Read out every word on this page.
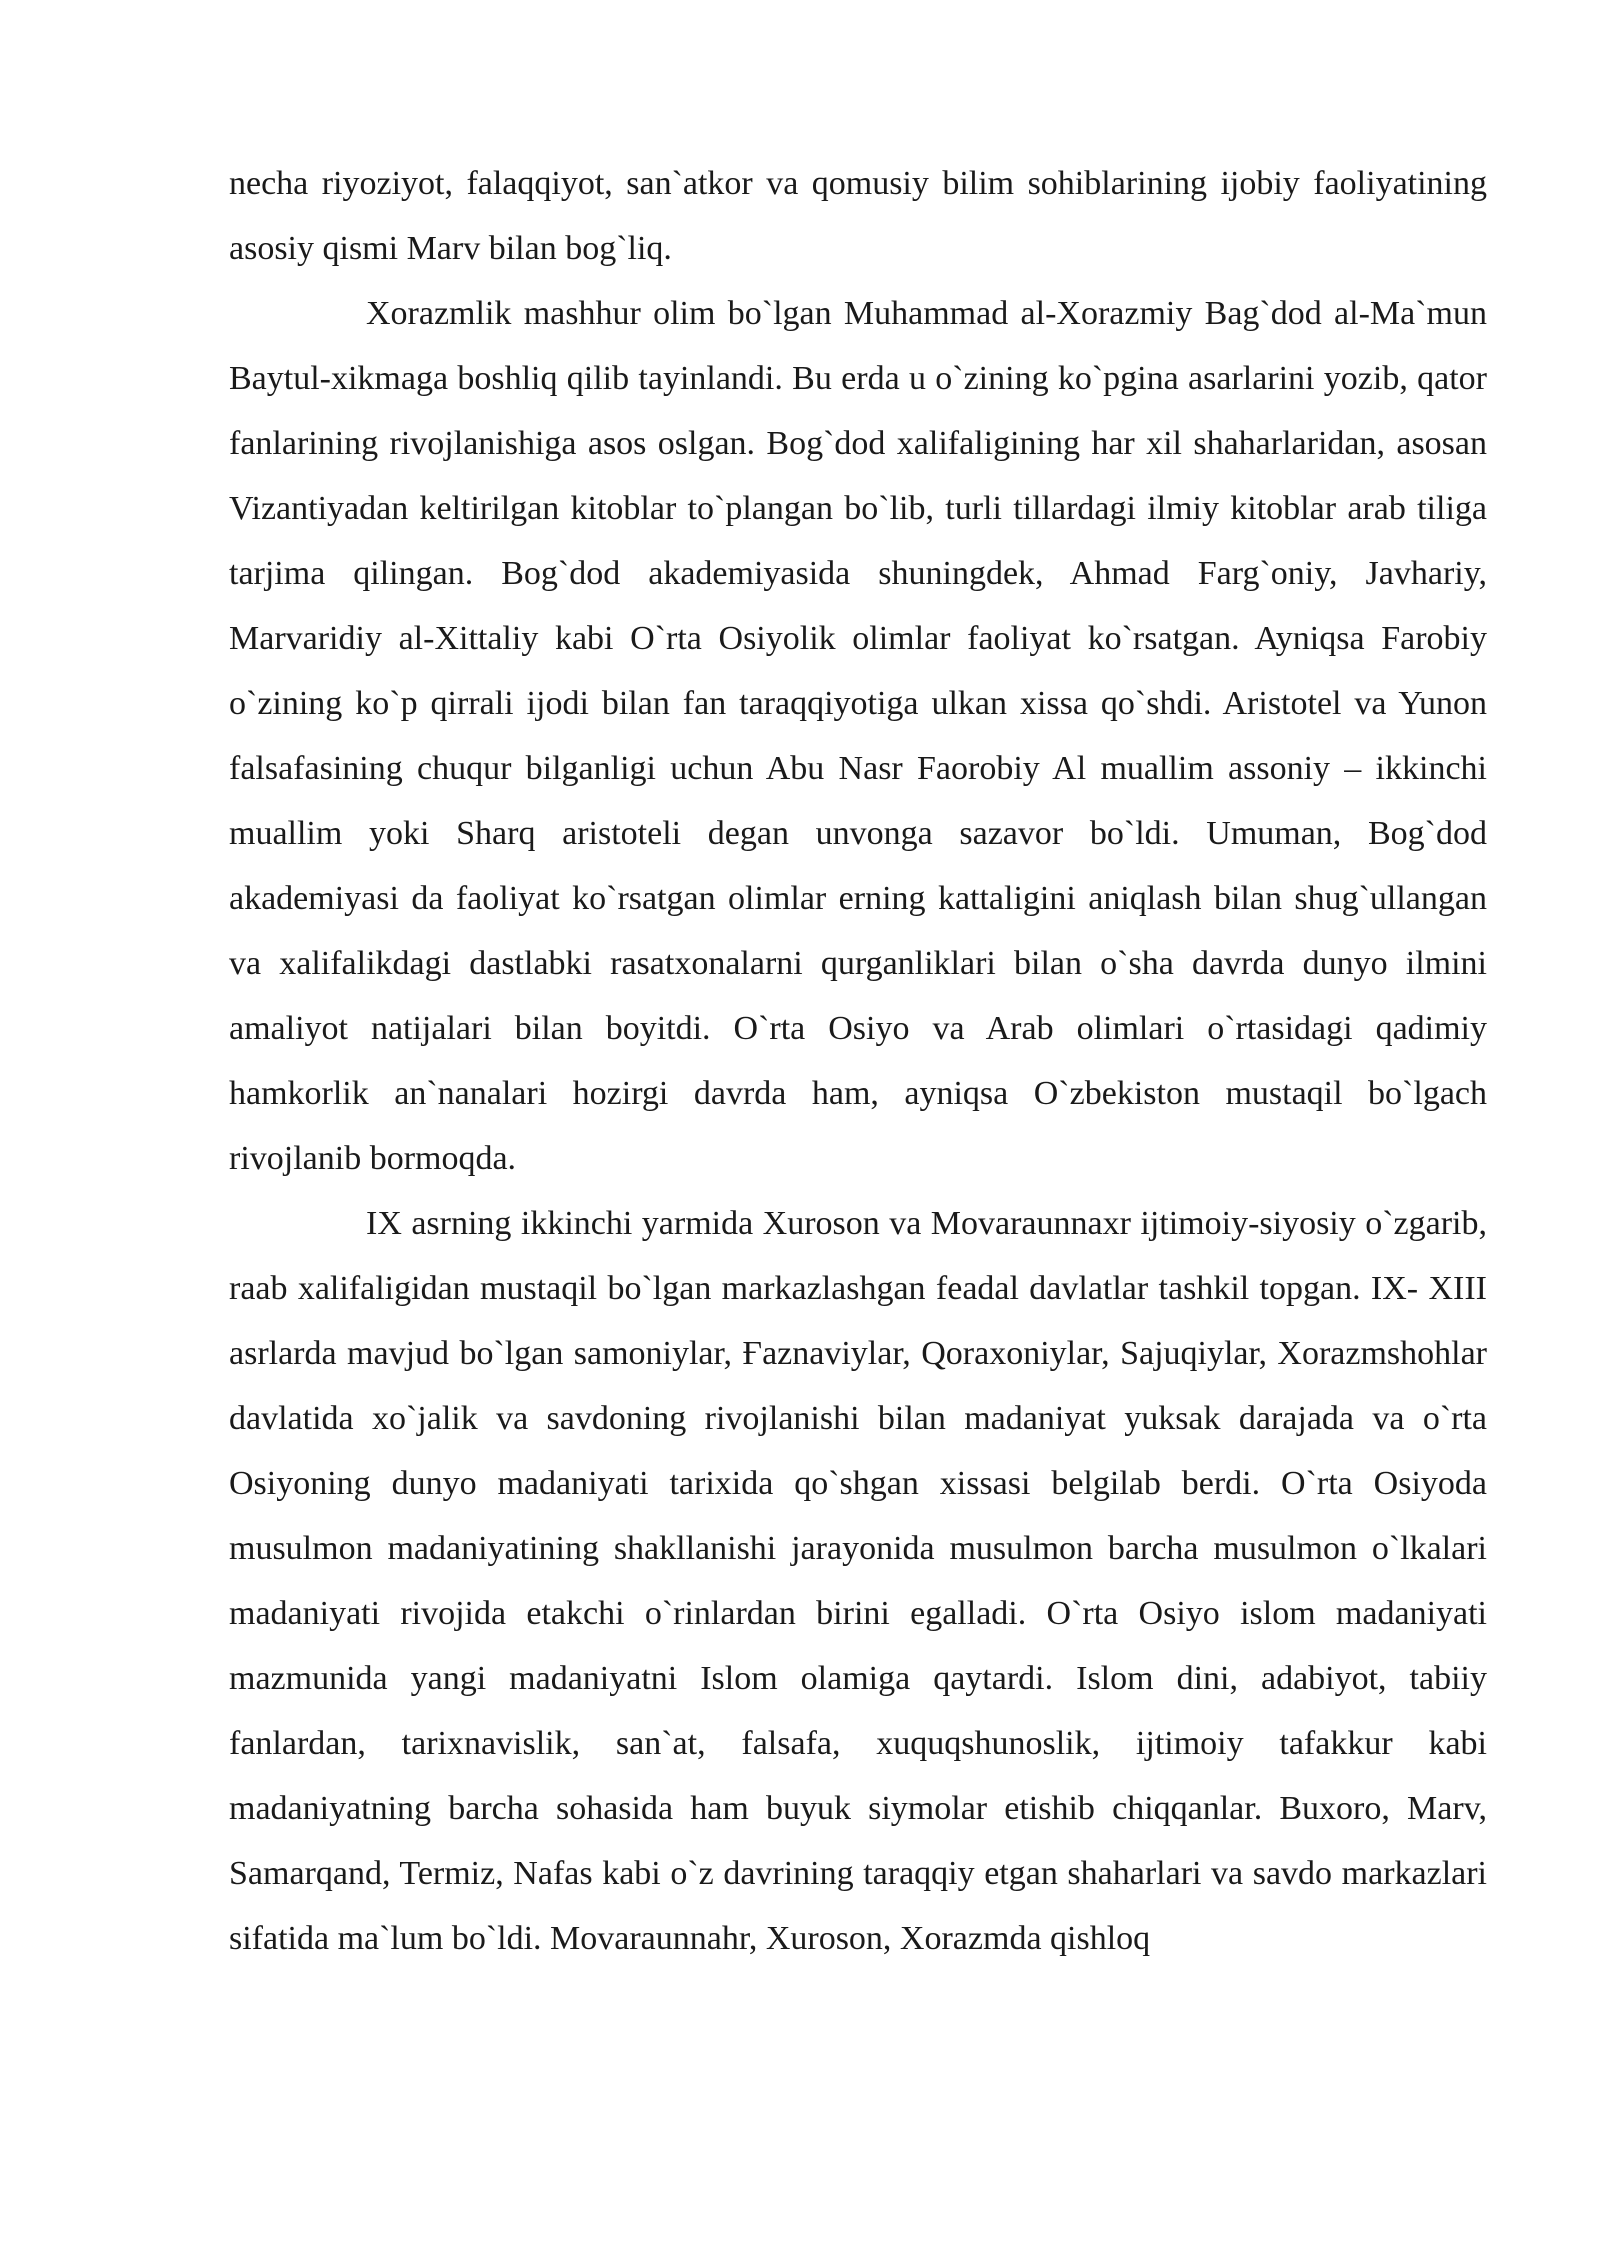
necha riyoziyot, falaqqiyot, san`atkor va qomusiy bilim sohiblarining ijobiy faoliyatining asosiy qismi Marv bilan bog`liq.

Xorazmlik mashhur olim bo`lgan Muhammad al-Xorazmiy Bag`dod al-Ma`mun Baytul-xikmaga boshliq qilib tayinlandi. Bu erda u o`zining ko`pgina asarlarini yozib, qator fanlarining rivojlanishiga asos oslgan. Bog`dod xalifaligining har xil shaharlaridan, asosan Vizantiyadan keltirilgan kitoblar to`plangan bo`lib, turli tillardagi ilmiy kitoblar arab tiliga tarjima qilingan. Bog`dod akademiyasida shuningdek, Ahmad Farg`oniy, Javhariy, Marvaridiy al-Xittaliy kabi O`rta Osiyolik olimlar faoliyat ko`rsatgan. Ayniqsa Farobiy o`zining ko`p qirrali ijodi bilan fan taraqqiyotiga ulkan xissa qo`shdi. Aristotel va Yunon falsafasining chuqur bilganligi uchun Abu Nasr Faorobiy Al muallim assoniy – ikkinchi muallim yoki Sharq aristoteli degan unvonga sazavor bo`ldi. Umuman, Bog`dod akademiyasi da faoliyat ko`rsatgan olimlar erning kattaligini aniqlash bilan shug`ullangan va xalifalikdagi dastlabki rasatxonalarni qurganliklari bilan o`sha davrda dunyo ilmini amaliyot natijalari bilan boyitdi. O`rta Osiyo va Arab olimlari o`rtasidagi qadimiy hamkorlik an`nanalari hozirgi davrda ham, ayniqsa O`zbekiston mustaqil bo`lgach rivojlanib bormoqda.

IX asrning ikkinchi yarmida Xuroson va Movaraunnaxr ijtimoiy-siyosiy o`zgarib, raab xalifaligidan mustaqil bo`lgan markazlashgan feadal davlatlar tashkil topgan. IX- XIII asrlarda mavjud bo`lgan samoniylar, Ғaznaviylar, Qoraxoniylar, Sajuqiylar, Xorazmshohlar davlatida xo`jalik va savdoning rivojlanishi bilan madaniyat yuksak darajada va o`rta Osiyoning dunyo madaniyati tarixida qo`shgan xissasi belgilab berdi. O`rta Osiyoda musulmon madaniyatining shakllanishi jarayonida musulmon barcha musulmon o`lkalari madaniyati rivojida etakchi o`rinlardan birini egalladi. O`rta Osiyo islom madaniyati mazmunida yangi madaniyatni Islom olamiga qaytardi. Islom dini, adabiyot, tabiiy fanlardan, tarixnavislik, san`at, falsafa, xuquqshunoslik, ijtimoiy tafakkur kabi madaniyatning barcha sohasida ham buyuk siymolar etishib chiqqanlar. Buxoro, Marv, Samarqand, Termiz, Nafas kabi o`z davrining taraqqiy etgan shaharlari va savdo markazlari sifatida ma`lum bo`ldi. Movaraunnahr, Xuroson, Xorazmda qishloq
